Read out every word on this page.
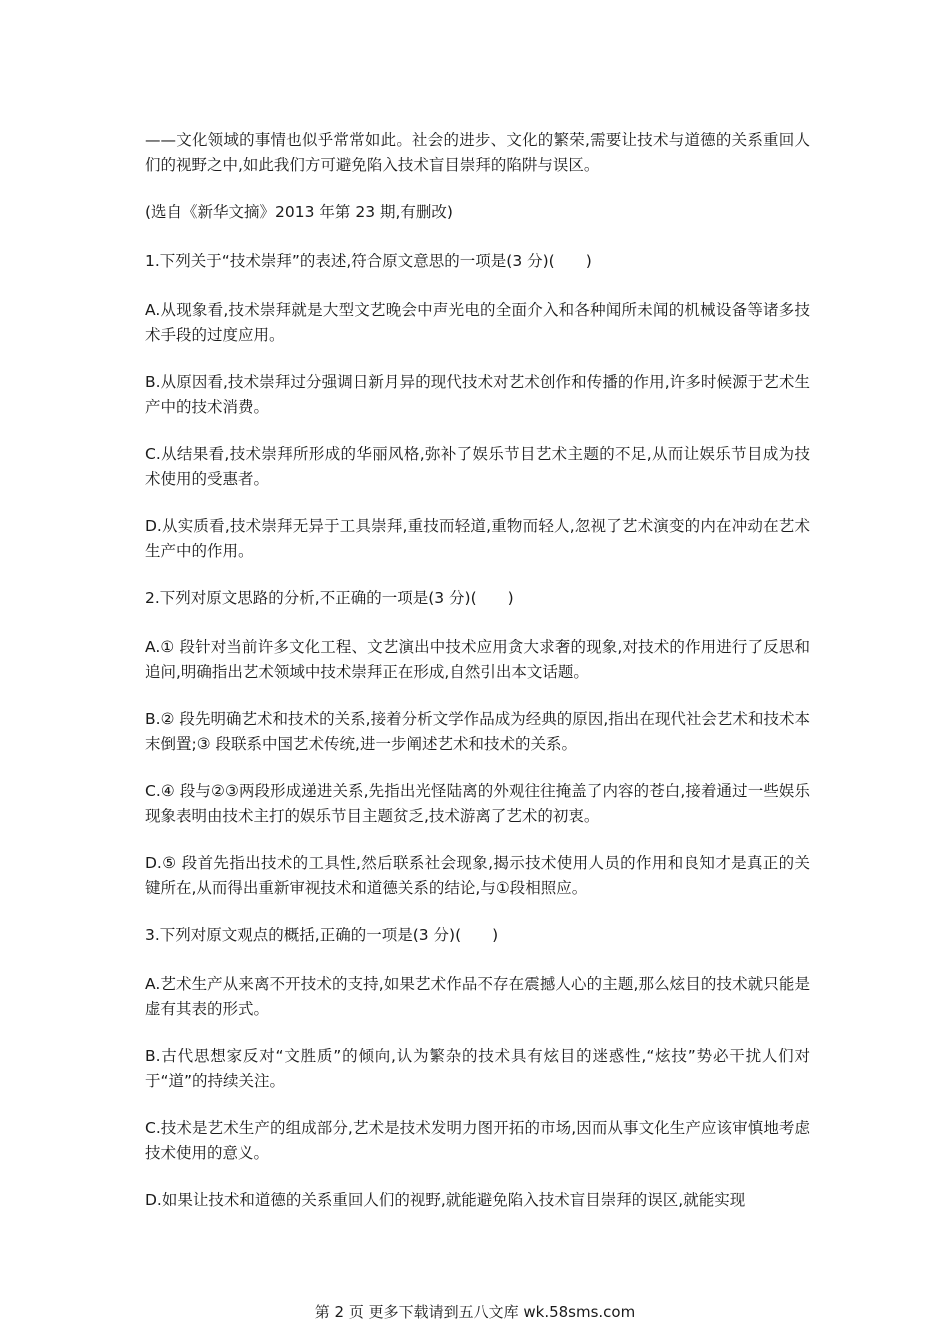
——文化领域的事情也似乎常常如此。社会的进步、文化的繁荣,需要让技术与道德的关系重回人们的视野之中,如此我们方可避免陷入技术盲目崇拜的陷阱与误区。

(选自《新华文摘》2013 年第 23 期,有删改)

1.下列关于“技术崇拜”的表述,符合原文意思的一项是(3 分)(　　)

A.从现象看,技术崇拜就是大型文艺晚会中声光电的全面介入和各种闻所未闻的机械设备等诸多技术手段的过度应用。

B.从原因看,技术崇拜过分强调日新月异的现代技术对艺术创作和传播的作用,许多时候源于艺术生产中的技术消费。

C.从结果看,技术崇拜所形成的华丽风格,弥补了娱乐节目艺术主题的不足,从而让娱乐节目成为技术使用的受惠者。

D.从实质看,技术崇拜无异于工具崇拜,重技而轻道,重物而轻人,忽视了艺术演变的内在冲动在艺术生产中的作用。

2.下列对原文思路的分析,不正确的一项是(3 分)(　　)

A.① 段针对当前许多文化工程、文艺演出中技术应用贪大求奢的现象,对技术的作用进行了反思和追问,明确指出艺术领域中技术崇拜正在形成,自然引出本文话题。

B.② 段先明确艺术和技术的关系,接着分析文学作品成为经典的原因,指出在现代社会艺术和技术本末倒置;③ 段联系中国艺术传统,进一步阐述艺术和技术的关系。

C.④ 段与②③两段形成递进关系,先指出光怪陆离的外观往往掩盖了内容的苍白,接着通过一些娱乐现象表明由技术主打的娱乐节目主题贫乏,技术游离了艺术的初衷。

D.⑤ 段首先指出技术的工具性,然后联系社会现象,揭示技术使用人员的作用和良知才是真正的关键所在,从而得出重新审视技术和道德关系的结论,与①段相照应。

3.下列对原文观点的概括,正确的一项是(3 分)(　　)

A.艺术生产从来离不开技术的支持,如果艺术作品不存在震撼人心的主题,那么炫目的技术就只能是虚有其表的形式。

B.古代思想家反对“文胜质”的倾向,认为繁杂的技术具有炫目的迷惑性,“炫技”势必干扰人们对于“道”的持续关注。

C.技术是艺术生产的组成部分,艺术是技术发明力图开拓的市场,因而从事文化生产应该审慎地考虑技术使用的意义。

D.如果让技术和道德的关系重回人们的视野,就能避免陷入技术盲目崇拜的误区,就能实现

第 2 页 更多下载请到五八文库 wk.58sms.com
